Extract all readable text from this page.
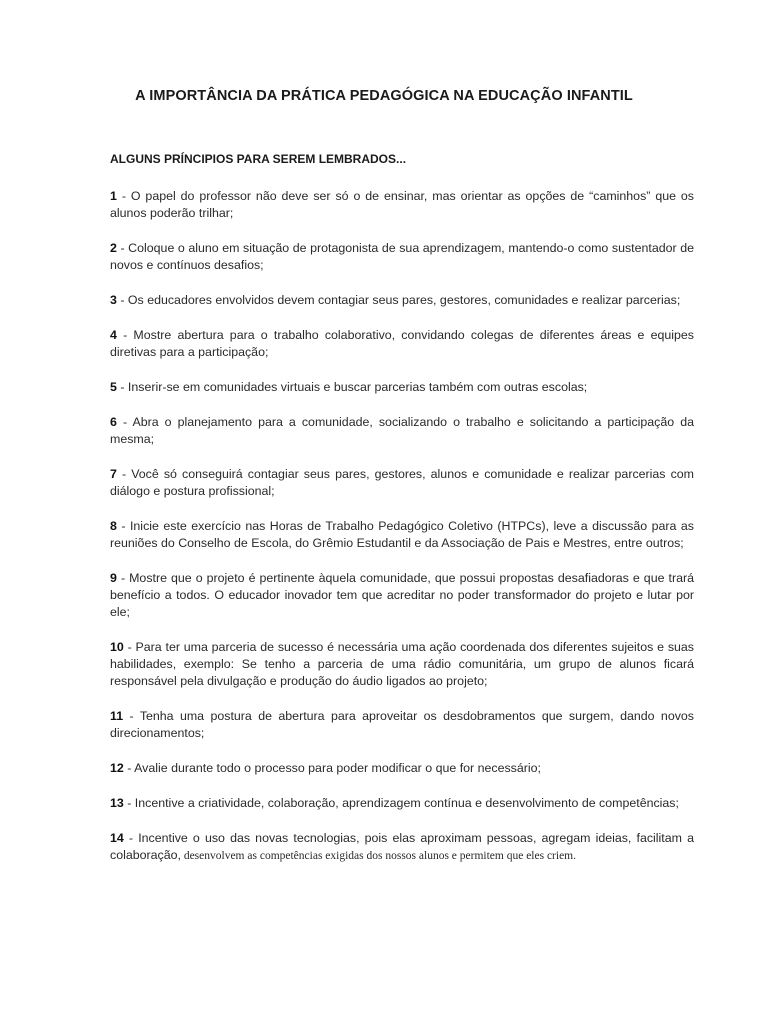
A IMPORTÂNCIA DA PRÁTICA PEDAGÓGICA NA EDUCAÇÃO INFANTIL
ALGUNS PRÍNCIPIOS PARA SEREM LEMBRADOS...

1 - O papel do professor não deve ser só o de ensinar, mas orientar as opções de “caminhos” que os alunos poderão trilhar;

2 - Coloque o aluno em situação de protagonista de sua aprendizagem, mantendo-o como sustentador de novos e contínuos desafios;

3 - Os educadores envolvidos devem contagiar seus pares, gestores, comunidades e realizar parcerias;

4 - Mostre abertura para o trabalho colaborativo, convidando colegas de diferentes áreas e equipes diretivas para a participação;

5 - Inserir-se em comunidades virtuais e buscar parcerias também com outras escolas;

6 - Abra o planejamento para a comunidade, socializando o trabalho e solicitando a participação da mesma;

7 - Você só conseguirá contagiar seus pares, gestores, alunos e comunidade e realizar parcerias com diálogo e postura profissional;

8 - Inicie este exercício nas Horas de Trabalho Pedagógico Coletivo (HTPCs), leve a discussão para as reuniões do Conselho de Escola, do Grêmio Estudantil e da Associação de Pais e Mestres, entre outros;

9 - Mostre que o projeto é pertinente àquela comunidade, que possui propostas desafiadoras e que trará benefício a todos. O educador inovador tem que acreditar no poder transformador do projeto e lutar por ele;

10 - Para ter uma parceria de sucesso é necessária uma ação coordenada dos diferentes sujeitos e suas habilidades, exemplo: Se tenho a parceria de uma rádio comunitária, um grupo de alunos ficará responsável pela divulgação e produção do áudio ligados ao projeto;

11 - Tenha uma postura de abertura para aproveitar os desdobramentos que surgem, dando novos direcionamentos;

12 - Avalie durante todo o processo para poder modificar o que for necessário;

13 - Incentive a criatividade, colaboração, aprendizagem contínua e desenvolvimento de competências;

14 - Incentive o uso das novas tecnologias, pois elas aproximam pessoas, agregam ideias, facilitam a colaboração, desenvolvem as competências exigidas dos nossos alunos e permitem que eles criem.
